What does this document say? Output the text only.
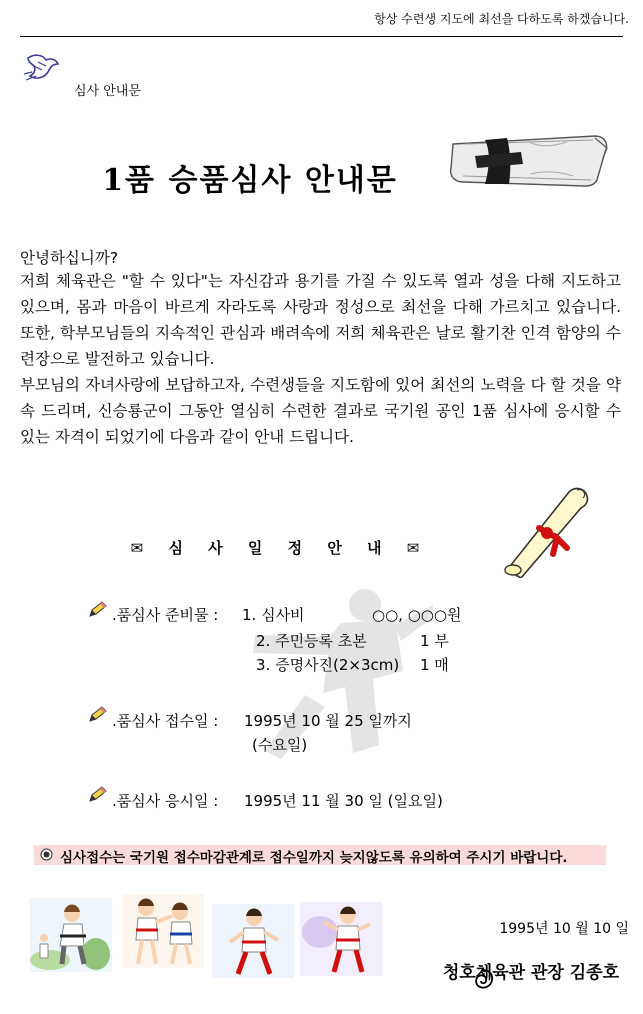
항상 수련생 지도에 최선을 다하도록 하겠습니다.
심사 안내문
1품 승품심사 안내문
안녕하십니까?
저희 체육관은 "할 수 있다"는 자신감과 용기를 가질 수 있도록 열과 성을 다해 지도하고 있으며, 몸과 마음이 바르게 자라도록 사랑과 정성으로 최선을 다해 가르치고 있습니다. 또한, 학부모님들의 지속적인 관심과 배려속에 저희 체육관은 날로 활기찬 인격 함양의 수련장으로 발전하고 있습니다.
부모님의 자녀사랑에 보답하고자, 수련생들을 지도함에 있어 최선의 노력을 다 할 것을 약속 드리며, 신승룡군이 그동안 열심히 수련한 결과로 국기원 공인 1품 심사에 응시할 수 있는 자격이 되었기에 다음과 같이 안내 드립니다.
✉ 심 사 일 정 안 내 ✉
.품심사 준비물 : 1. 심사비	○○, ○○○원
2. 주민등록 초본	1 부
3. 증명사진(2×3cm) 1 매
.품심사 접수일 : 1995년 10 월 25 일까지
(수요일)
.품심사 응시일 : 1995년 11 월 30 일 (일요일)
심사접수는 국기원 접수마감관계로 접수일까지 늦지않도록 유의하여 주시기 바랍니다.
1995년 10 월 10 일
청호체육관 관장 김종호
